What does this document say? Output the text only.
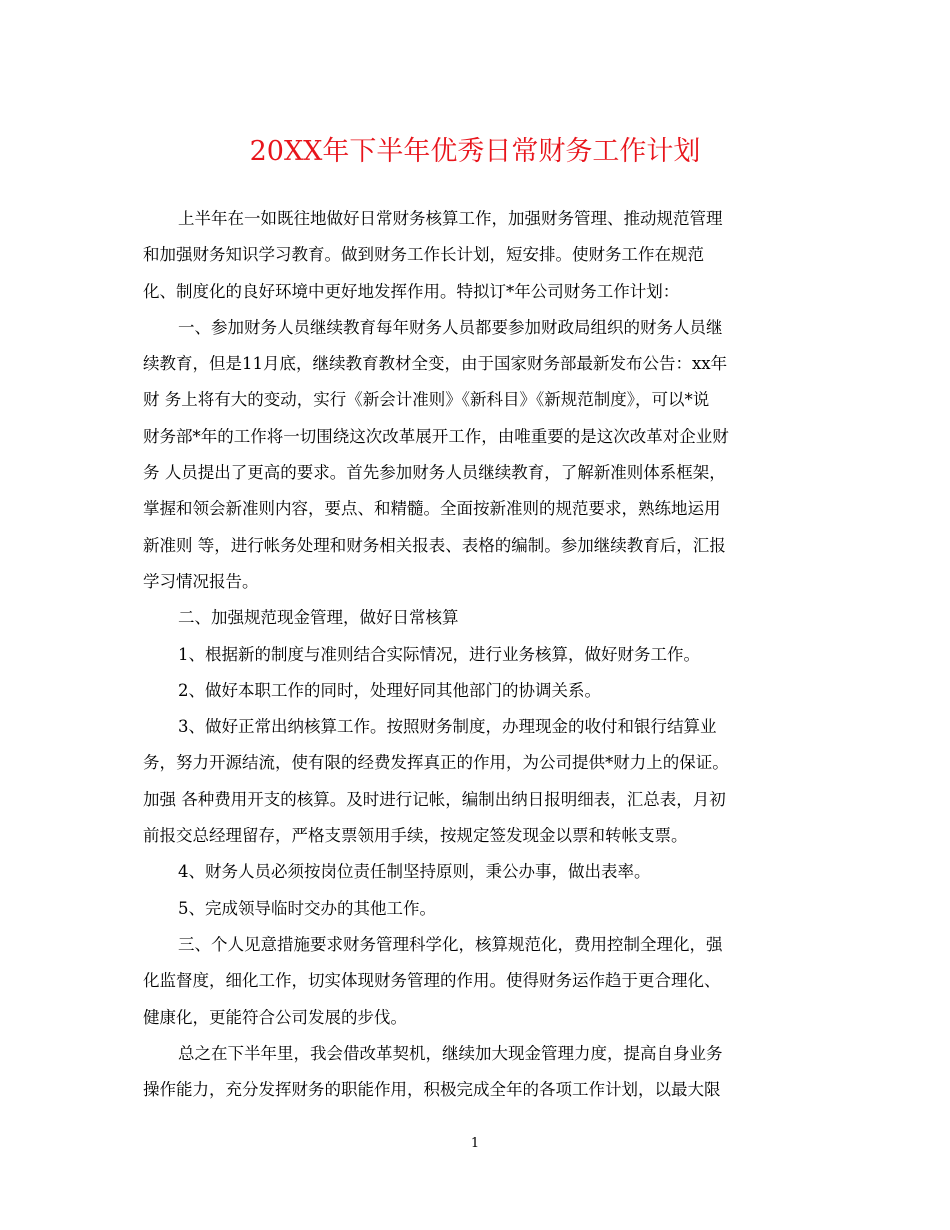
20XX年下半年优秀日常财务工作计划
上半年在一如既往地做好日常财务核算工作，加强财务管理、推动规范管理
和加强财务知识学习教育。做到财务工作长计划，短安排。使财务工作在规范
化、制度化的良好环境中更好地发挥作用。特拟订*年公司财务工作计划：
一、参加财务人员继续教育每年财务人员都要参加财政局组织的财务人员继
续教育，但是11月底，继续教育教材全变，由于国家财务部最新发布公告：xx年
财 务上将有大的变动，实行《新会计准则》《新科目》《新规范制度》，可以*说
财务部*年的工作将一切围绕这次改革展开工作，由唯重要的是这次改革对企业财
务 人员提出了更高的要求。首先参加财务人员继续教育，了解新准则体系框架，
掌握和领会新准则内容，要点、和精髓。全面按新准则的规范要求，熟练地运用
新准则 等，进行帐务处理和财务相关报表、表格的编制。参加继续教育后，汇报
学习情况报告。
二、加强规范现金管理，做好日常核算
1、根据新的制度与准则结合实际情况，进行业务核算，做好财务工作。
2、做好本职工作的同时，处理好同其他部门的协调关系。
3、做好正常出纳核算工作。按照财务制度，办理现金的收付和银行结算业
务，努力开源结流，使有限的经费发挥真正的作用，为公司提供*财力上的保证。
加强 各种费用开支的核算。及时进行记帐，编制出纳日报明细表，汇总表，月初
前报交总经理留存，严格支票领用手续，按规定签发现金以票和转帐支票。
4、财务人员必须按岗位责任制坚持原则，秉公办事，做出表率。
5、完成领导临时交办的其他工作。
三、个人见意措施要求财务管理科学化，核算规范化，费用控制全理化，强
化监督度，细化工作，切实体现财务管理的作用。使得财务运作趋于更合理化、
健康化，更能符合公司发展的步伐。
总之在下半年里，我会借改革契机，继续加大现金管理力度，提高自身业务
操作能力，充分发挥财务的职能作用，积极完成全年的各项工作计划，以最大限
1
